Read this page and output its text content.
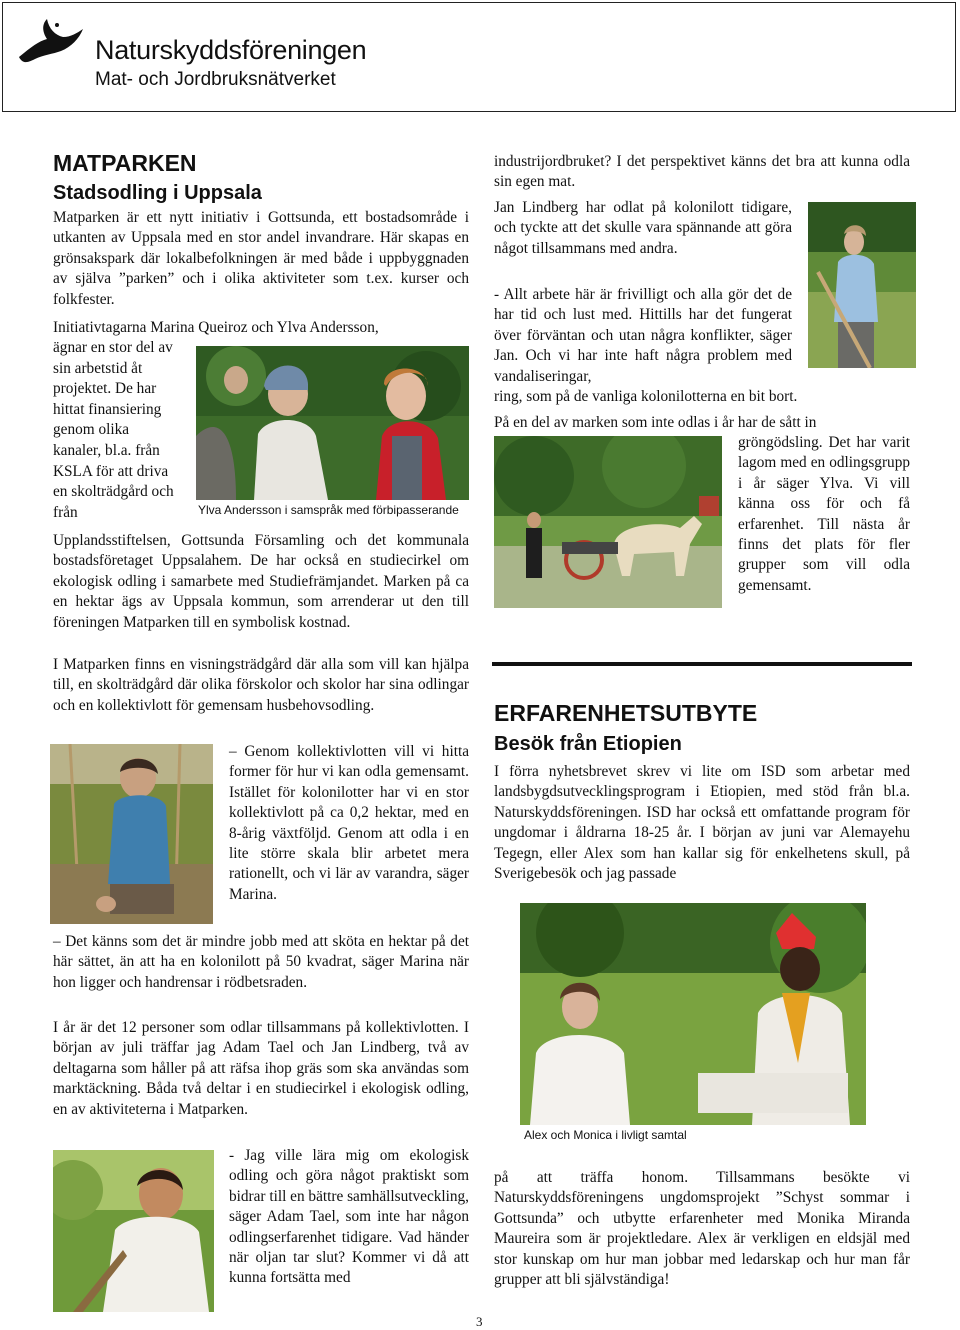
Naturskyddsföreningen
Mat- och Jordbruksnätverket
MATPARKEN
Stadsodling i Uppsala

Matparken är ett nytt initiativ i Gottsunda, ett bostadsområde i utkanten av Uppsala med en stor andel invandrare. Här skapas en grönsakspark där lokalbefolkningen är med både i uppbyggnaden av själva ”parken” och i olika aktiviteter som t.ex. kurser och folkfester.

Initiativtagarna Marina Queiroz och Ylva Andersson,

ägnar en stor del av sin arbetstid åt projektet. De har hittat finansiering genom olika kanaler, bl.a. från KSLA för att driva en skolträdgård och från	Ylva Andersson i samspråk med förbipasserande

Upplandsstiftelsen, Gottsunda Församling och det kommunala bostadsföretaget Uppsalahem. De har också en studiecirkel om ekologisk odling i samarbete med Studiefrämjandet. Marken på ca en hektar ägs av Uppsala kommun, som arrenderar ut den till föreningen Matparken till en symbolisk kostnad.

I Matparken finns en visningsträdgård där alla som vill kan hjälpa till, en skolträdgård där olika förskolor och skolor har sina odlingar och en kollektivlott för gemensam husbehovsodling.

– Genom kollektivlotten vill vi hitta former för hur vi kan odla gemensamt. Istället för kolonilotter har vi en stor kollektivlott på ca 0,2 hektar, med en 8-årig växtföljd. Genom att odla i en lite större skala blir arbetet mera rationellt, och vi lär av varandra, säger Marina.

– Det känns som det är mindre jobb med att sköta en hektar på det här sättet, än att ha en kolonilott på 50 kvadrat, säger Marina när hon ligger och handrensar i rödbetsraden.

I år är det 12 personer som odlar tillsammans på kollektivlotten. I början av juli träffar jag Adam Tael och Jan Lindberg, två av deltagarna som håller på att räfsa ihop gräs som ska användas som marktäckning. Båda två deltar i en studiecirkel i ekologisk odling, en av aktiviteterna i Matparken.

- Jag ville lära mig om ekologisk odling och göra något praktiskt som bidrar till en bättre samhällsutveckling, säger Adam Tael, som inte har någon odlingserfarenhet tidigare. Vad händer när oljan tar slut? Kommer vi då att kunna fortsätta med

industrijordbruket? I det perspektivet känns det bra att kunna odla sin egen mat.

Jan Lindberg har odlat på kolonilott tidigare, och tyckte att det skulle vara spännande att göra något tillsammans med andra.

- Allt arbete här är frivilligt och alla gör det de har tid och lust med. Hittills har det fungerat över förväntan och utan några konflikter, säger Jan. Och vi har inte haft några problem med vandaliseringar,

ring, som på de vanliga kolonilotterna en bit bort.

På en del av marken som inte odlas i år har de sått in

gröngödsling. Det har varit lagom med en odlingsgrupp i år säger Ylva. Vi vill känna oss för och få erfarenhet. Till nästa år finns det plats för fler grupper som vill odla gemensamt.

ERFARENHETSUTBYTE
Besök från Etiopien

I förra nyhetsbrevet skrev vi lite om ISD som arbetar med landsbygdsutvecklingsprogram i Etiopien, med stöd från bl.a. Naturskyddsföreningen. ISD har också ett omfattande program för ungdomar i åldrarna 18-25 år. I början av juni var Alemayehu Tegegn, eller Alex som han kallar sig för enkelhetens skull, på Sverigebesök och jag passade

Alex och Monica i livligt samtal

på att träffa honom. Tillsammans besökte vi Naturskyddsföreningens ungdomsprojekt ”Schyst sommar i Gottsunda” och utbytte erfarenheter med Monika Miranda Maureira som är projektledare. Alex är verkligen en eldsjäl med stor kunskap om hur man jobbar med ledarskap och hur man får grupper att bli självständiga!

3
